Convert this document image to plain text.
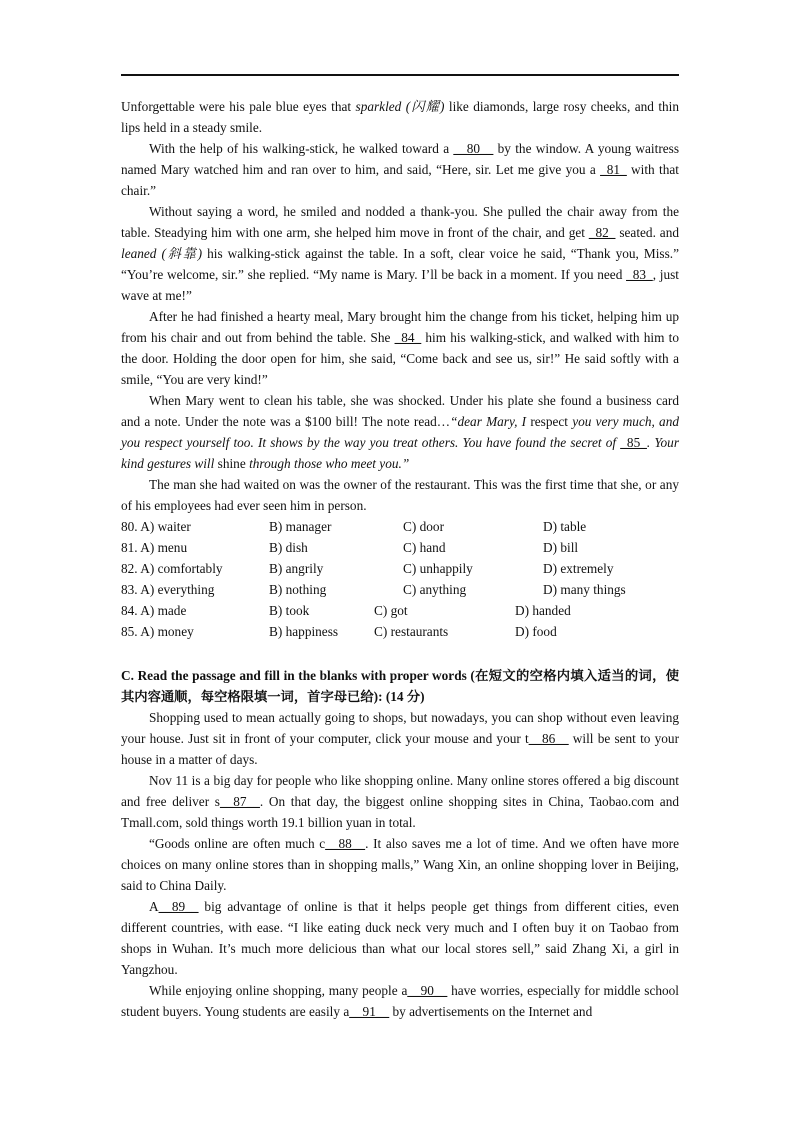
Unforgettable were his pale blue eyes that sparkled (闪耀) like diamonds, large rosy cheeks, and thin lips held in a steady smile.

With the help of his walking-stick, he walked toward a __80__ by the window. A young waitress named Mary watched him and ran over to him, and said, “Here, sir. Let me give you a _81_ with that chair.”

Without saying a word, he smiled and nodded a thank-you. She pulled the chair away from the table. Steadying him with one arm, she helped him move in front of the chair, and get _82_ seated. and leaned (斜靠) his walking-stick against the table. In a soft, clear voice he said, “Thank you, Miss.” “You’re welcome, sir.” she replied. “My name is Mary. I’ll be back in a moment. If you need _83_, just wave at me!”

After he had finished a hearty meal, Mary brought him the change from his ticket, helping him up from his chair and out from behind the table. She _84_ him his walking-stick, and walked with him to the door. Holding the door open for him, she said, “Come back and see us, sir!” He said softly with a smile, “You are very kind!”

When Mary went to clean his table, she was shocked. Under his plate she found a business card and a note. Under the note was a $100 bill! The note read…“dear Mary, I respect you very much, and you respect yourself too. It shows by the way you treat others. You have found the secret of _85_. Your kind gestures will shine through those who meet you.”

The man she had waited on was the owner of the restaurant. This was the first time that she, or any of his employees had ever seen him in person.

80. A) waiter	B) manager	C) door	D) table
81. A) menu	B) dish	C) hand	D) bill
82. A) comfortably	B) angrily	C) unhappily	D) extremely
83. A) everything	B) nothing	C) anything	D) many things
84. A) made	B) took	C) got	D) handed
85. A) money	B) happiness	C) restaurants	D) food

C. Read the passage and fill in the blanks with proper words (在短文的空格内填入适当的词，使其内容通顺，每空格限填一词，首字母已给): (14 分)

Shopping used to mean actually going to shops, but nowadays, you can shop without even leaving your house. Just sit in front of your computer, click your mouse and your t__86__ will be sent to your house in a matter of days.

Nov 11 is a big day for people who like shopping online. Many online stores offered a big discount and free deliver s__87__. On that day, the biggest online shopping sites in China, Taobao.com and Tmall.com, sold things worth 19.1 billion yuan in total.

“Goods online are often much c__88__. It also saves me a lot of time. And we often have more choices on many online stores than in shopping malls,” Wang Xin, an online shopping lover in Beijing, said to China Daily.

A__89__ big advantage of online is that it helps people get things from different cities, even different countries, with ease. “I like eating duck neck very much and I often buy it on Taobao from shops in Wuhan. It’s much more delicious than what our local stores sell,” said Zhang Xi, a girl in Yangzhou.

While enjoying online shopping, many people a__90__ have worries, especially for middle school student buyers. Young students are easily a__91__ by advertisements on the Internet and
